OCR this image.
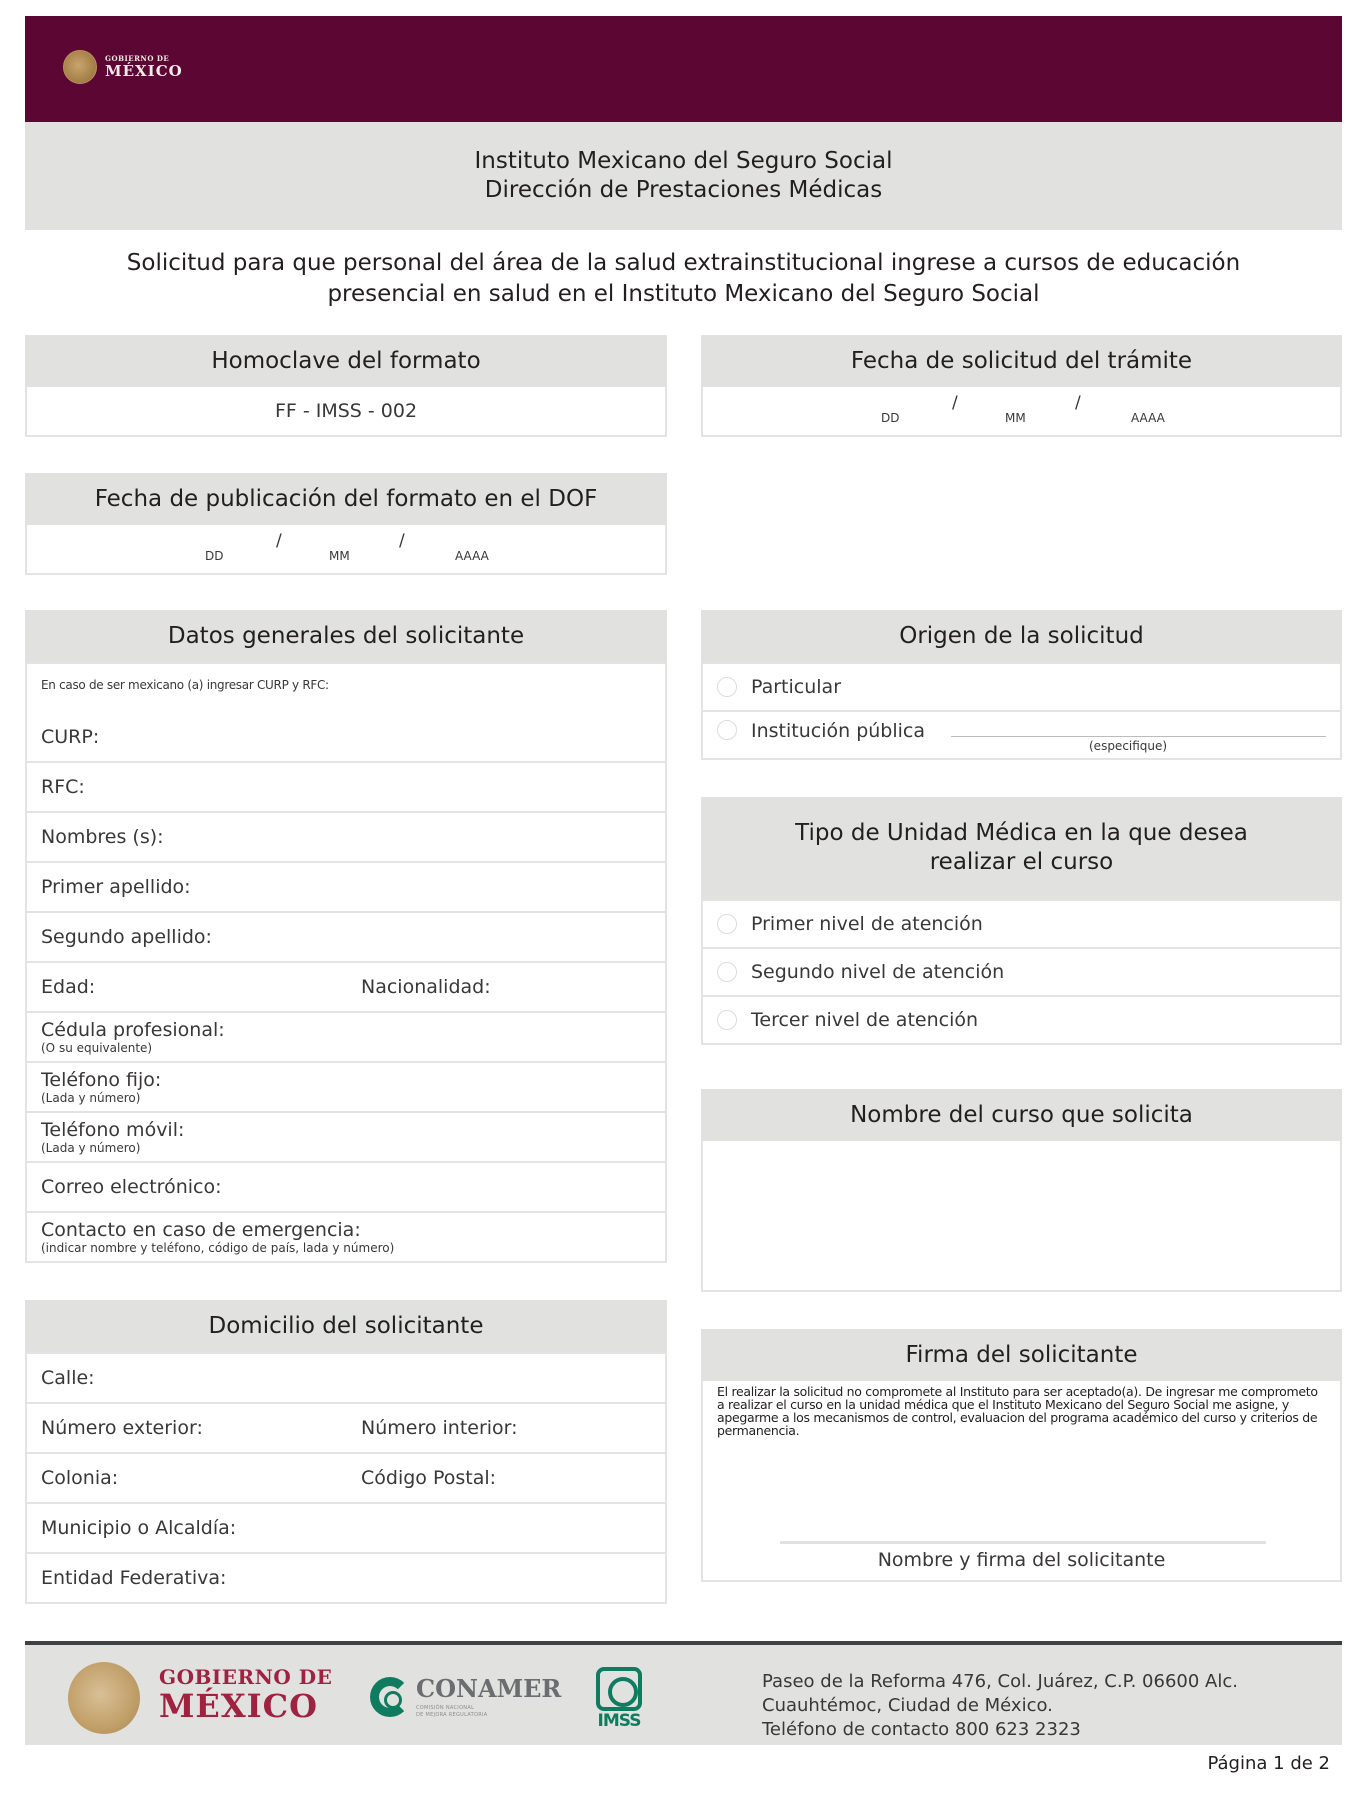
GOBIERNO DE
MÉXICO
Instituto Mexicano del Seguro Social
Dirección de Prestaciones Médicas
Solicitud para que personal del área de la salud extrainstitucional ingrese a cursos de educación
presencial en salud en el Instituto Mexicano del Seguro Social
Homoclave del formato
FF - IMSS - 002
Fecha de solicitud del trámite
/	/
DD	MM	AAAA
Fecha de publicación del formato en el DOF
/	/
DD	MM	AAAA
Datos generales del solicitante
En caso de ser mexicano (a) ingresar CURP y RFC:
CURP:
RFC:
Nombres (s):
Primer apellido:
Segundo apellido:
Edad:	Nacionalidad:
Cédula profesional:
(O su equivalente)
Teléfono fijo:
(Lada y número)
Teléfono móvil:
(Lada y número)
Correo electrónico:
Contacto en caso de emergencia:
(indicar nombre y teléfono, código de país, lada y número)
Domicilio del solicitante
Calle:
Número exterior:	Número interior:
Colonia:	Código Postal:
Municipio o Alcaldía:
Entidad Federativa:
Origen de la solicitud
Particular
Institución pública
(especifique)
Tipo de Unidad Médica en la que desea
realizar el curso
Primer nivel de atención
Segundo nivel de atención
Tercer nivel de atención
Nombre del curso que solicita
Firma del solicitante
El realizar la solicitud no compromete al Instituto para ser aceptado(a). De ingresar me comprometo a realizar el curso en la unidad médica que el Instituto Mexicano del Seguro Social me asigne, y apegarme a los mecanismos de control, evaluacion del programa académico del curso y criterios de permanencia.
Nombre y firma del solicitante
GOBIERNO DE
MÉXICO	CONAMER
COMISIÓN NACIONAL
DE MEJORA REGULATORIA	IMSS
Paseo de la Reforma 476, Col. Juárez, C.P. 06600 Alc.
Cuauhtémoc, Ciudad de México.
Teléfono de contacto 800 623 2323
Página 1 de 2
